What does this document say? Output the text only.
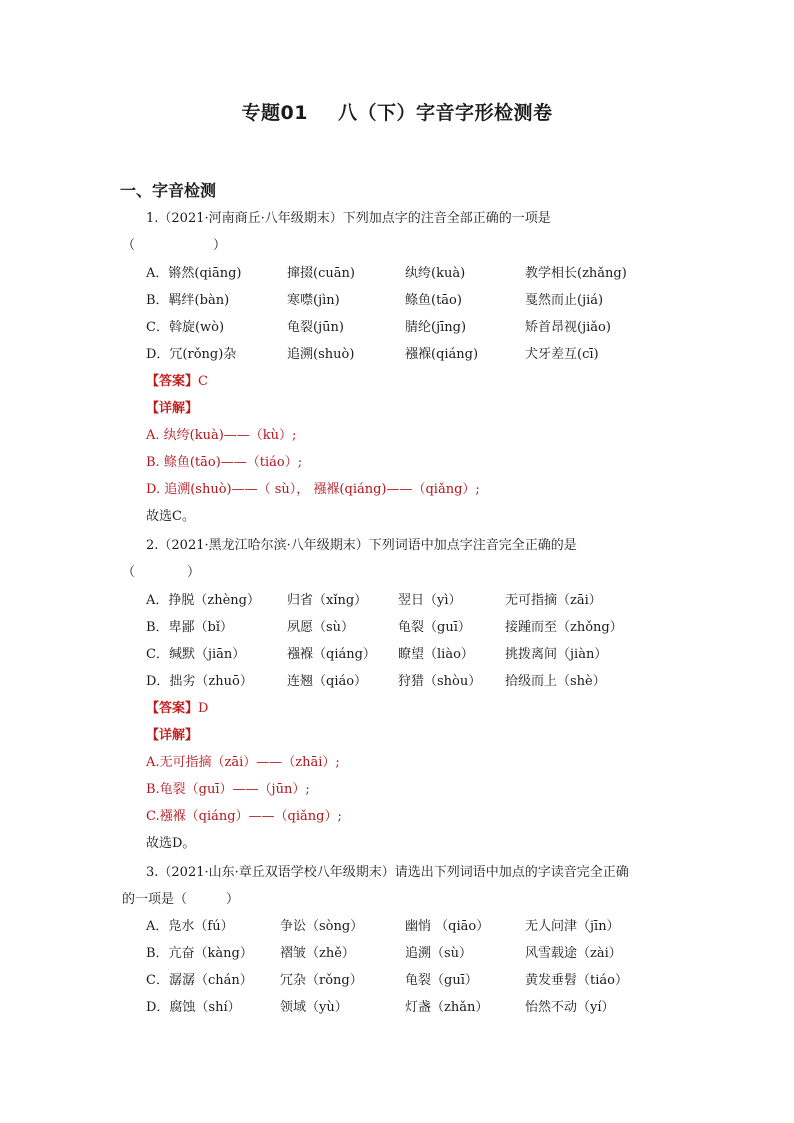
专题01 八（下）字音字形检测卷
一、字音检测
1.（2021·河南商丘·八年级期末）下列加点字的注音全部正确的一项是
（　　　　　　）
A．锵然(qiāng)	撺掇(cuān)	纨绔(kuà)	教学相长(zhǎng)
B．羁绊(bàn)	寒噤(jìn)	鲦鱼(tāo)	戛然而止(jiá)
C．斡旋(wò)	龟裂(jūn)	腈纶(jīng)	矫首昂视(jiǎo)
D．冗(rǒng)杂	追溯(shuò)	襁褓(qiáng)	犬牙差互(cī)
【答案】C
【详解】
A. 纨绔(kuà)——（kù）;
B. 鲦鱼(tāo)——（tiáo）;
D. 追溯(shuò)——（ sù）， 襁褓(qiáng)——（qiǎng）;
故选C。
2.（2021·黑龙江哈尔滨·八年级期末）下列词语中加点字注音完全正确的是
（　　　　）
A．挣脱（zhèng） 归省（xǐng） 翌日（yì）	无可指摘（zāi）
B．卑鄙（bǐ）	夙愿（sù）	龟裂（guī）	接踵而至（zhǒng）
C．缄默（jiān）	襁褓（qiáng） 瞭望（liào） 挑拨离间（jiàn）
D．拙劣（zhuō）	连翘（qiáo） 狩猎（shòu） 拾级而上（shè）
【答案】D
【详解】
A.无可指摘（zāi）——（zhāi）;
B.龟裂（guī）——（jūn）;
C.襁褓（qiáng）——（qiǎng）;
故选D。
3.（2021·山东·章丘双语学校八年级期末）请选出下列词语中加点的字读音完全正确
的一项是（　　　）
A．凫水（fú）	争讼（sòng）	幽悄 （qiāo）	无人问津（jīn）
B．亢奋（kàng） 褶皱（zhě）	追溯（sù）	风雪载途（zài）
C．潺潺（chán） 冗杂（rǒng）	龟裂（guī）	黄发垂髫（tiáo）
D．腐蚀（shí）	领域（yù）	灯盏（zhǎn）	怡然不动（yí）
